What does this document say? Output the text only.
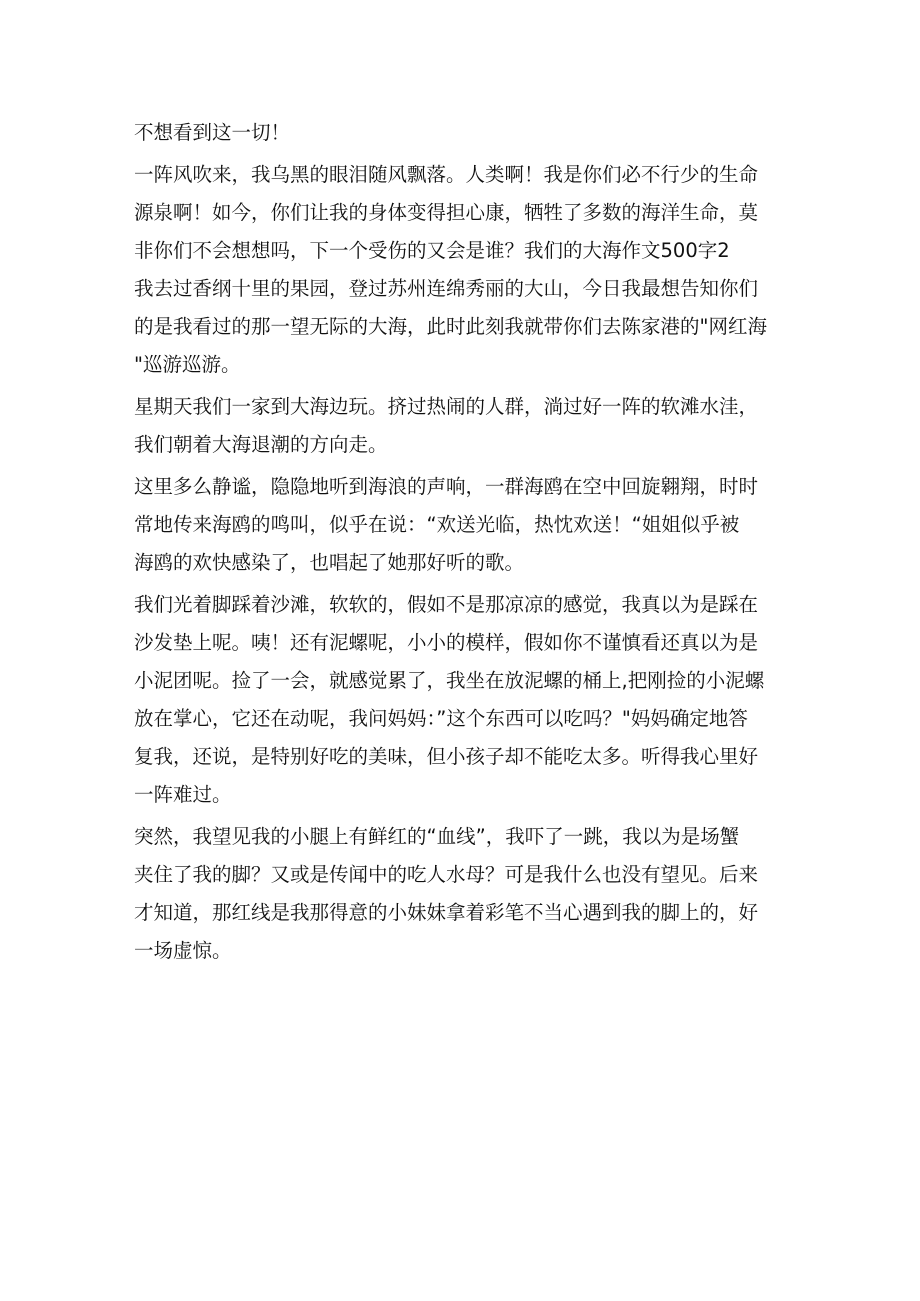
不想看到这一切！
一阵风吹来，我乌黑的眼泪随风飘落。人类啊！我是你们必不行少的生命
源泉啊！如今，你们让我的身体变得担心康，牺牲了多数的海洋生命，莫
非你们不会想想吗，下一个受伤的又会是谁？我们的大海作文500字2
我去过香纲十里的果园，登过苏州连绵秀丽的大山，今日我最想告知你们
的是我看过的那一望无际的大海，此时此刻我就带你们去陈家港的"网红海
"巡游巡游。
星期天我们一家到大海边玩。挤过热闹的人群，淌过好一阵的软滩水洼，
我们朝着大海退潮的方向走。
这里多么静谧，隐隐地听到海浪的声响，一群海鸥在空中回旋翱翔，时时
常地传来海鸥的鸣叫，似乎在说：“欢送光临，热忱欢送！“姐姐似乎被
海鸥的欢快感染了，也唱起了她那好听的歌。
我们光着脚踩着沙滩，软软的，假如不是那凉凉的感觉，我真以为是踩在
沙发垫上呢。咦！还有泥螺呢，小小的模样，假如你不谨慎看还真以为是
小泥团呢。捡了一会，就感觉累了，我坐在放泥螺的桶上,把刚捡的小泥螺
放在掌心，它还在动呢，我问妈妈：”这个东西可以吃吗？"妈妈确定地答
复我，还说，是特别好吃的美味，但小孩子却不能吃太多。听得我心里好
一阵难过。
突然，我望见我的小腿上有鲜红的“血线”，我吓了一跳，我以为是场蟹
夹住了我的脚？又或是传闻中的吃人水母？可是我什么也没有望见。后来
才知道，那红线是我那得意的小妹妹拿着彩笔不当心遇到我的脚上的，好
一场虚惊。
